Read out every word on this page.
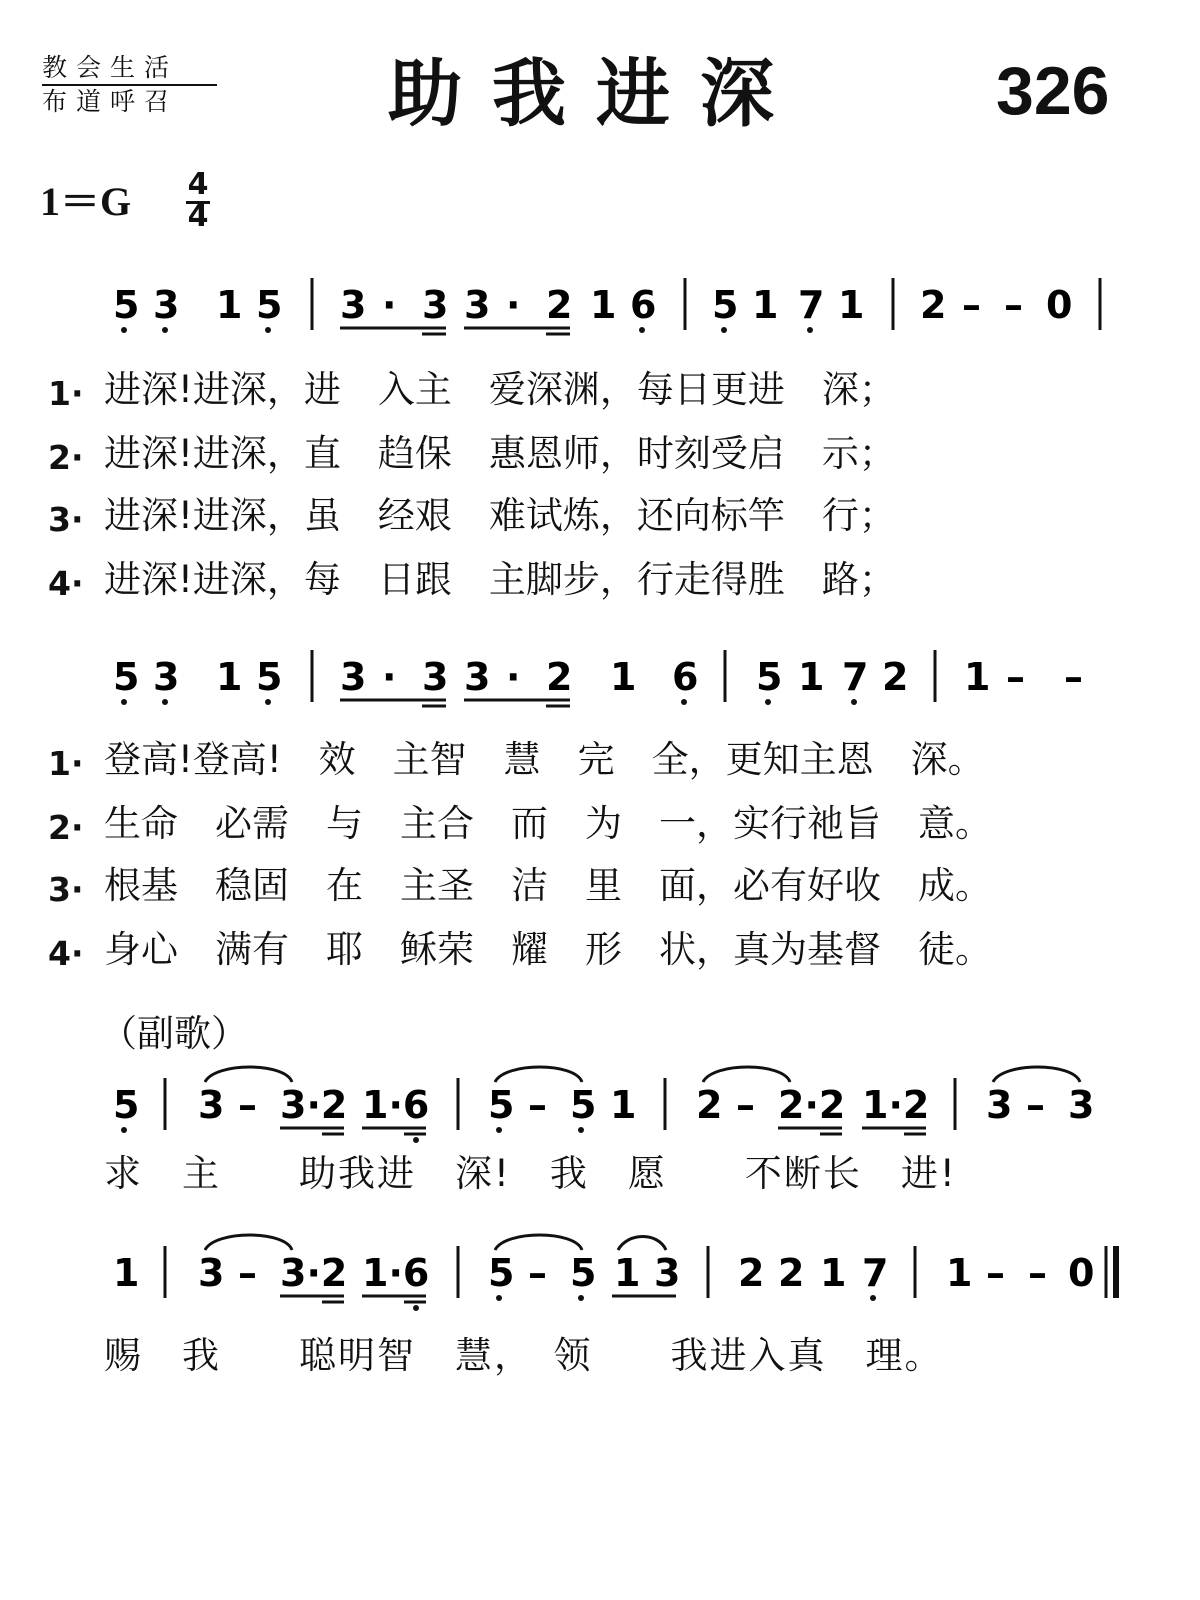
教会生活
布道呼召	助我进深	326
1＝G 4
4
5 3 1 5 3 · 3 3 · 2 1 6 5 1 7 1 2 – – 0
5 3 1 5 3 · 3 3 · 2 1 6 5 1 7 2 1 – –
5 3 – 3·2 1·6 5 – 5 1 2 – 2·2 1·2 3 – 3
1 3 – 3·2 1·6 5 – 5 1 3 2 2 1 7 1 – – 0
1· 进深!进深，进　入主　爱深渊，每日更进　深；
2· 进深!进深，直　趋保　惠恩师，时刻受启　示；
3· 进深!进深，虽　经艰　难试炼，还向标竿　行；
4· 进深!进深，每　日跟　主脚步，行走得胜　路；
1· 登高!登高!　效　主智　慧　完　全，更知主恩　深。
2· 生命　必需　与　主合　而　为　一，实行祂旨　意。
3· 根基　稳固　在　主圣　洁　里　面，必有好收　成。
4· 身心　满有　耶　稣荣　耀　形　状，真为基督　徒。
（副歌）
求　主　　助我进　深!　我　愿　　不断长　进!
赐　我　　聪明智　慧，　领　　我进入真　理。
5 3 1 5 | 3·3 3·2 1 6 | 5 1 7 1 | 2 – – 0 | 5 3 1 5 | 3·3 3·2 1 6 | 5 1 7 2 | 1 – – 5 | 3 – 3·2 1·6 | 5 – 5 1 | 2 – 2·2 1·2 | 3 – 3 1 | 3 – 3·2 1·6 | 5 – 5 1 3 | 2 2 1 7 | 1 – – 0 ‖
